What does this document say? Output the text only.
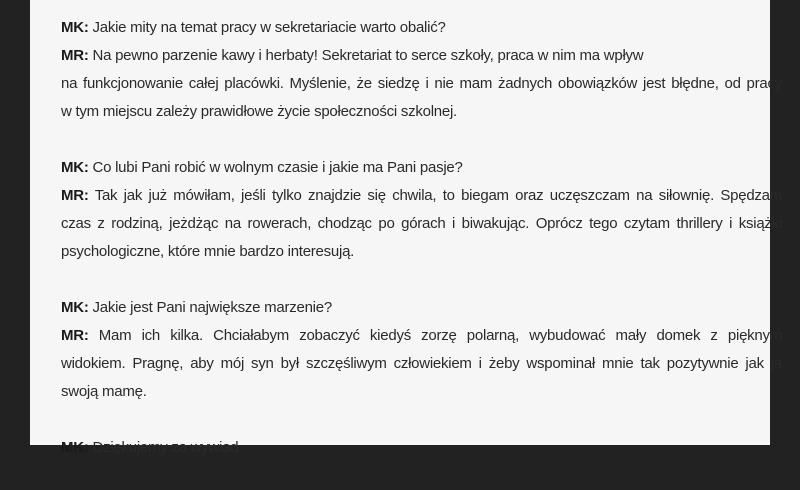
MK: Jakie mity na temat pracy w sekretariacie warto obalić?
MR: Na pewno parzenie kawy i herbaty! Sekretariat to serce szkoły, praca w nim ma wpływ
na funkcjonowanie całej placówki. Myślenie, że siedzę i nie mam żadnych obowiązków jest błędne, od pracy
w tym miejscu zależy prawidłowe życie społeczności szkolnej.
MK: Co lubi Pani robić w wolnym czasie i jakie ma Pani pasje?
MR: Tak jak już mówiłam, jeśli tylko znajdzie się chwila, to biegam oraz uczęszczam na siłownię. Spędzam
czas z rodziną, jeżdżąc na rowerach, chodząc po górach i biwakując. Oprócz tego czytam thrillery i książki
psychologiczne, które mnie bardzo interesują.
MK: Jakie jest Pani największe marzenie?
MR: Mam ich kilka. Chciałabym zobaczyć kiedyś zorzę polarną, wybudować mały domek z pięknym
widokiem. Pragnę, aby mój syn był szczęśliwym człowiekiem i żeby wspominał mnie tak pozytywnie jak ja
swoją mamę.
MK: Dziękujemy za wywiad.
